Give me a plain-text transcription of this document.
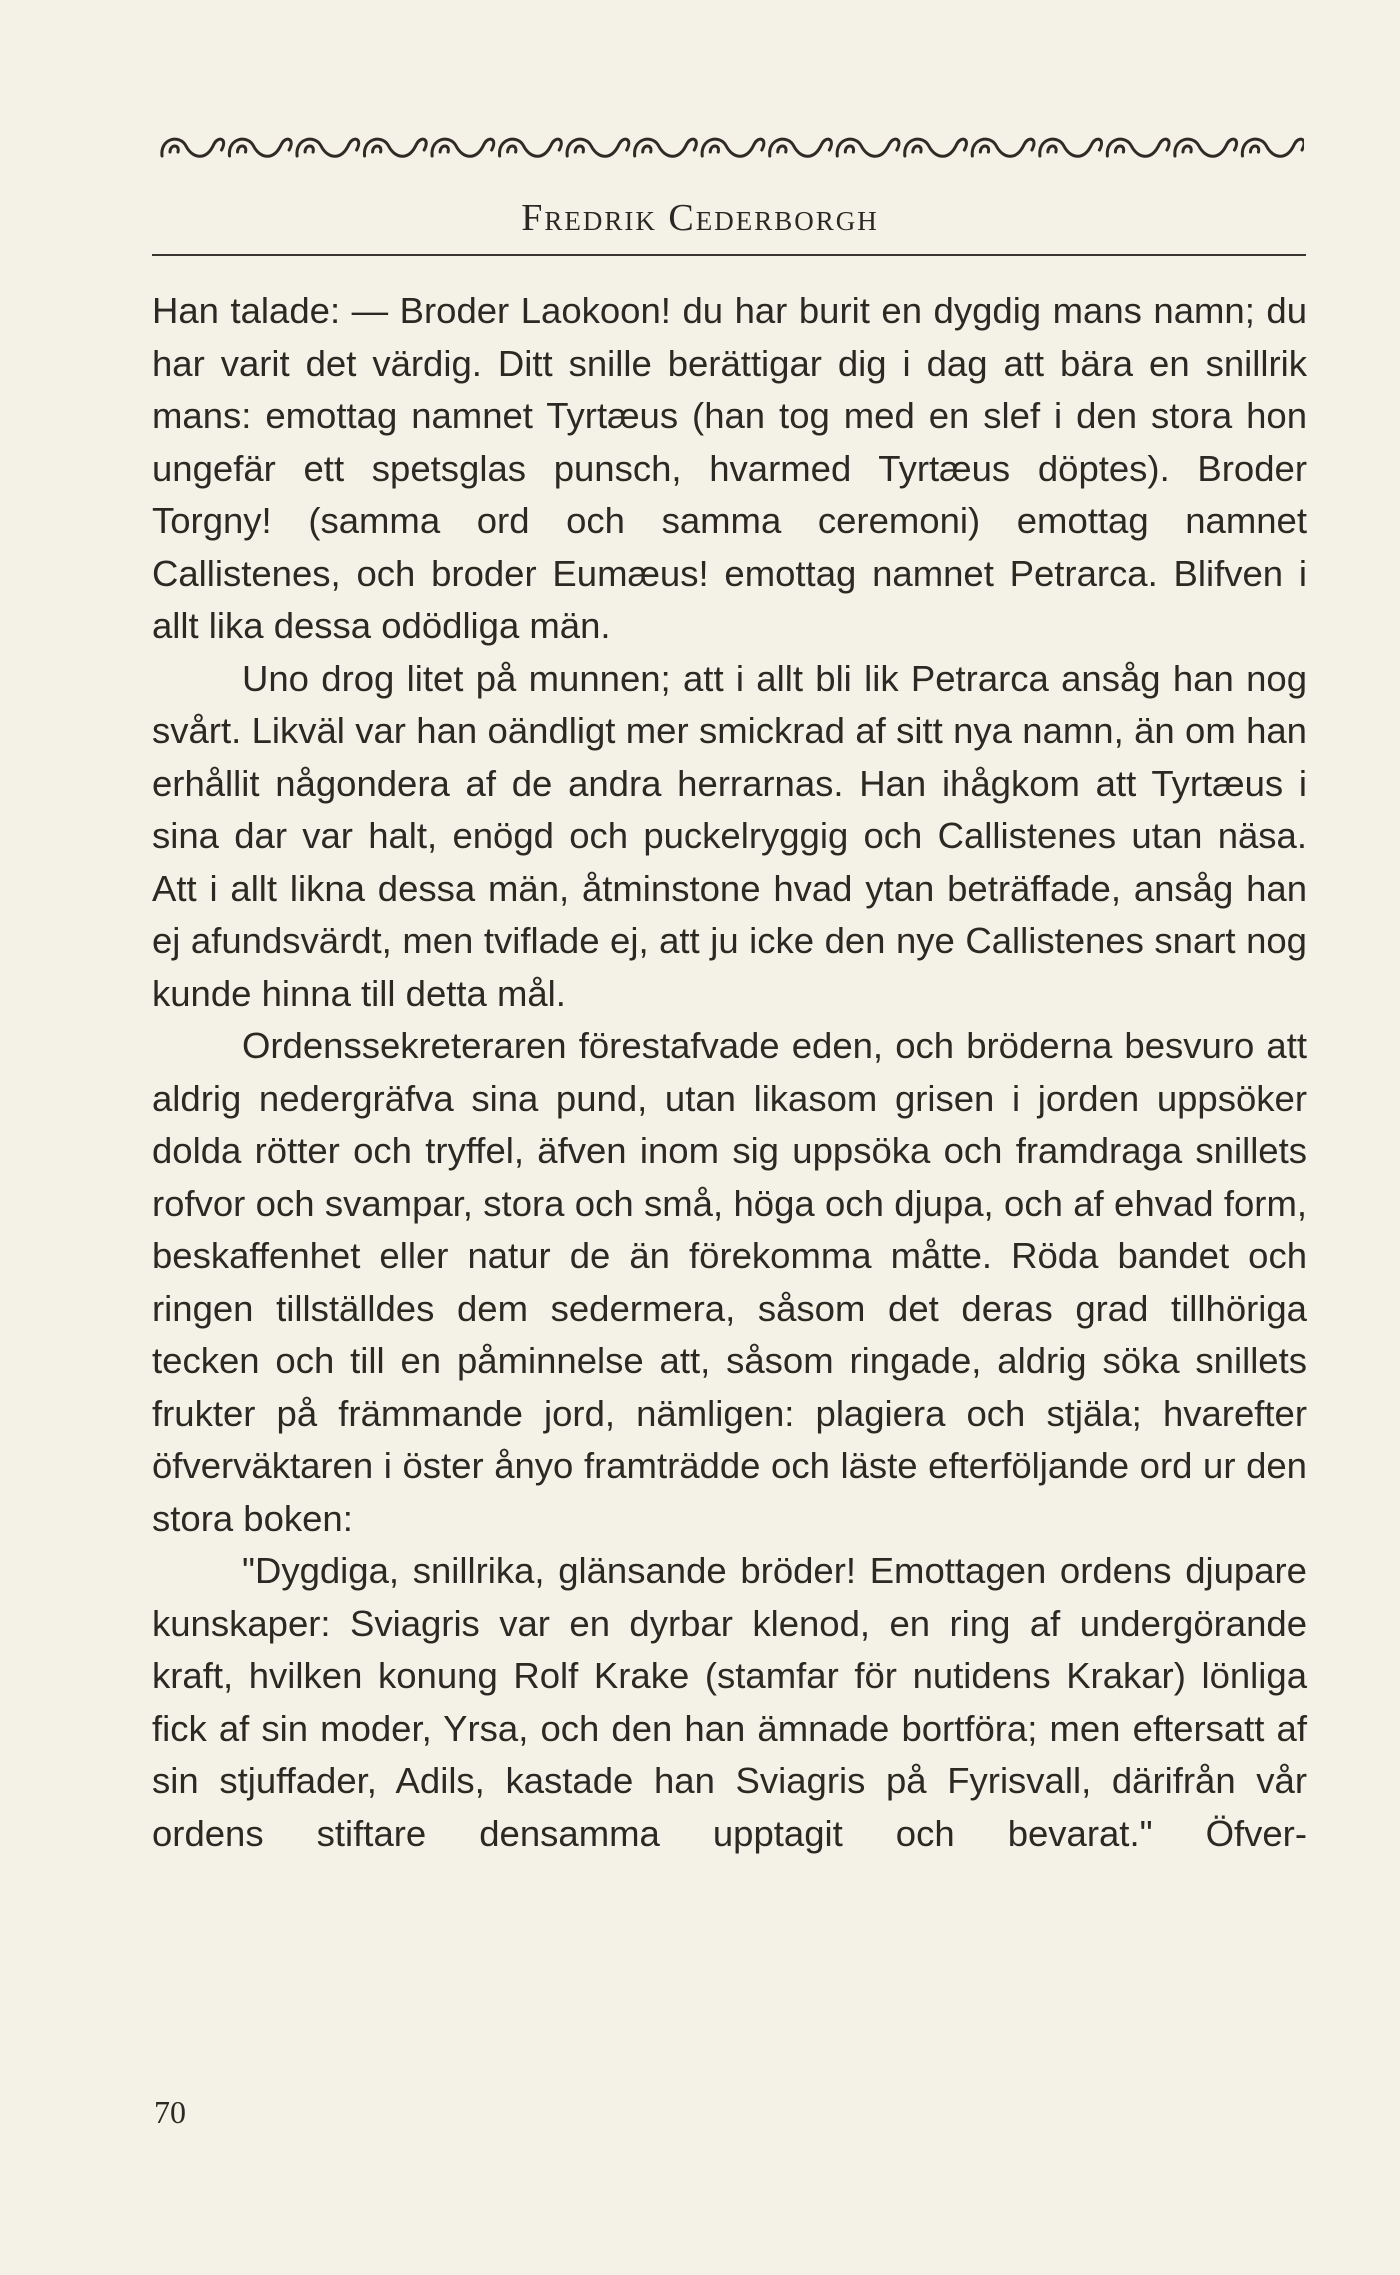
Fredrik Cederborgh

Han talade: — Broder Laokoon! du har burit en dygdig mans namn; du har varit det värdig. Ditt snille berättigar dig i dag att bära en snillrik mans: emottag namnet Tyrtæus (han tog med en slef i den stora hon ungefär ett spetsglas punsch, hvarmed Tyrtæus döptes). Broder Torgny! (samma ord och samma ceremoni) emottag namnet Callistenes, och broder Eumæus! emottag namnet Petrarca. Blifven i allt lika dessa odödliga män.

Uno drog litet på munnen; att i allt bli lik Petrarca ansåg han nog svårt. Likväl var han oändligt mer smickrad af sitt nya namn, än om han erhållit någondera af de andra herrarnas. Han ihågkom att Tyrtæus i sina dar var halt, enögd och puckelryggig och Callistenes utan näsa. Att i allt likna dessa män, åtminstone hvad ytan beträffade, ansåg han ej afundsvärdt, men tviflade ej, att ju icke den nye Callistenes snart nog kunde hinna till detta mål.

Ordenssekreteraren förestafvade eden, och bröderna besvuro att aldrig nedergräfva sina pund, utan likasom grisen i jorden uppsöker dolda rötter och tryffel, äfven inom sig uppsöka och framdraga snillets rofvor och svampar, stora och små, höga och djupa, och af ehvad form, beskaffenhet eller natur de än förekomma måtte. Röda bandet och ringen tillställdes dem sedermera, såsom det deras grad tillhöriga tecken och till en påminnelse att, såsom ringade, aldrig söka snillets frukter på främmande jord, nämligen: plagiera och stjäla; hvarefter öfverväktaren i öster ånyo framträdde och läste efterföljande ord ur den stora boken:

"Dygdiga, snillrika, glänsande bröder! Emottagen ordens djupare kunskaper: Sviagris var en dyrbar klenod, en ring af undergörande kraft, hvilken konung Rolf Krake (stamfar för nutidens Krakar) lönliga fick af sin moder, Yrsa, och den han ämnade bortföra; men eftersatt af sin stjuffader, Adils, kastade han Sviagris på Fyrisvall, därifrån vår ordens stiftare densamma upptagit och bevarat." Öfver-

70
